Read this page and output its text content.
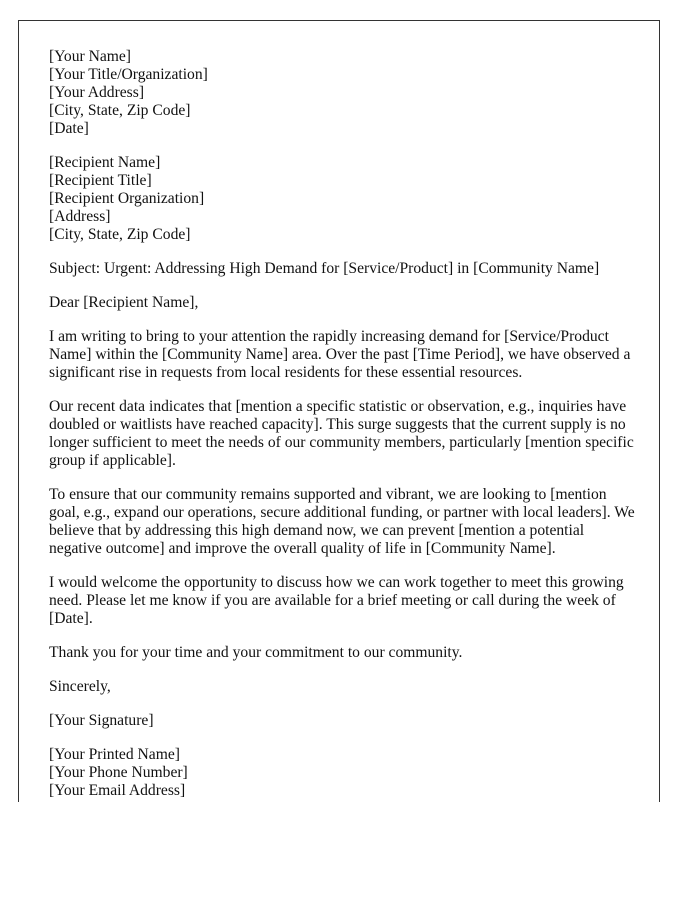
[Your Name]
[Your Title/Organization]
[Your Address]
[City, State, Zip Code]
[Date]
[Recipient Name]
[Recipient Title]
[Recipient Organization]
[Address]
[City, State, Zip Code]

Subject: Urgent: Addressing High Demand for [Service/Product] in [Community Name]

Dear [Recipient Name],

I am writing to bring to your attention the rapidly increasing demand for [Service/Product Name] within the [Community Name] area. Over the past [Time Period], we have observed a significant rise in requests from local residents for these essential resources.

Our recent data indicates that [mention a specific statistic or observation, e.g., inquiries have doubled or waitlists have reached capacity]. This surge suggests that the current supply is no longer sufficient to meet the needs of our community members, particularly [mention specific group if applicable].

To ensure that our community remains supported and vibrant, we are looking to [mention goal, e.g., expand our operations, secure additional funding, or partner with local leaders]. We believe that by addressing this high demand now, we can prevent [mention a potential negative outcome] and improve the overall quality of life in [Community Name].

I would welcome the opportunity to discuss how we can work together to meet this growing need. Please let me know if you are available for a brief meeting or call during the week of [Date].

Thank you for your time and your commitment to our community.

Sincerely,

[Your Signature]

[Your Printed Name]
[Your Phone Number]
[Your Email Address]
